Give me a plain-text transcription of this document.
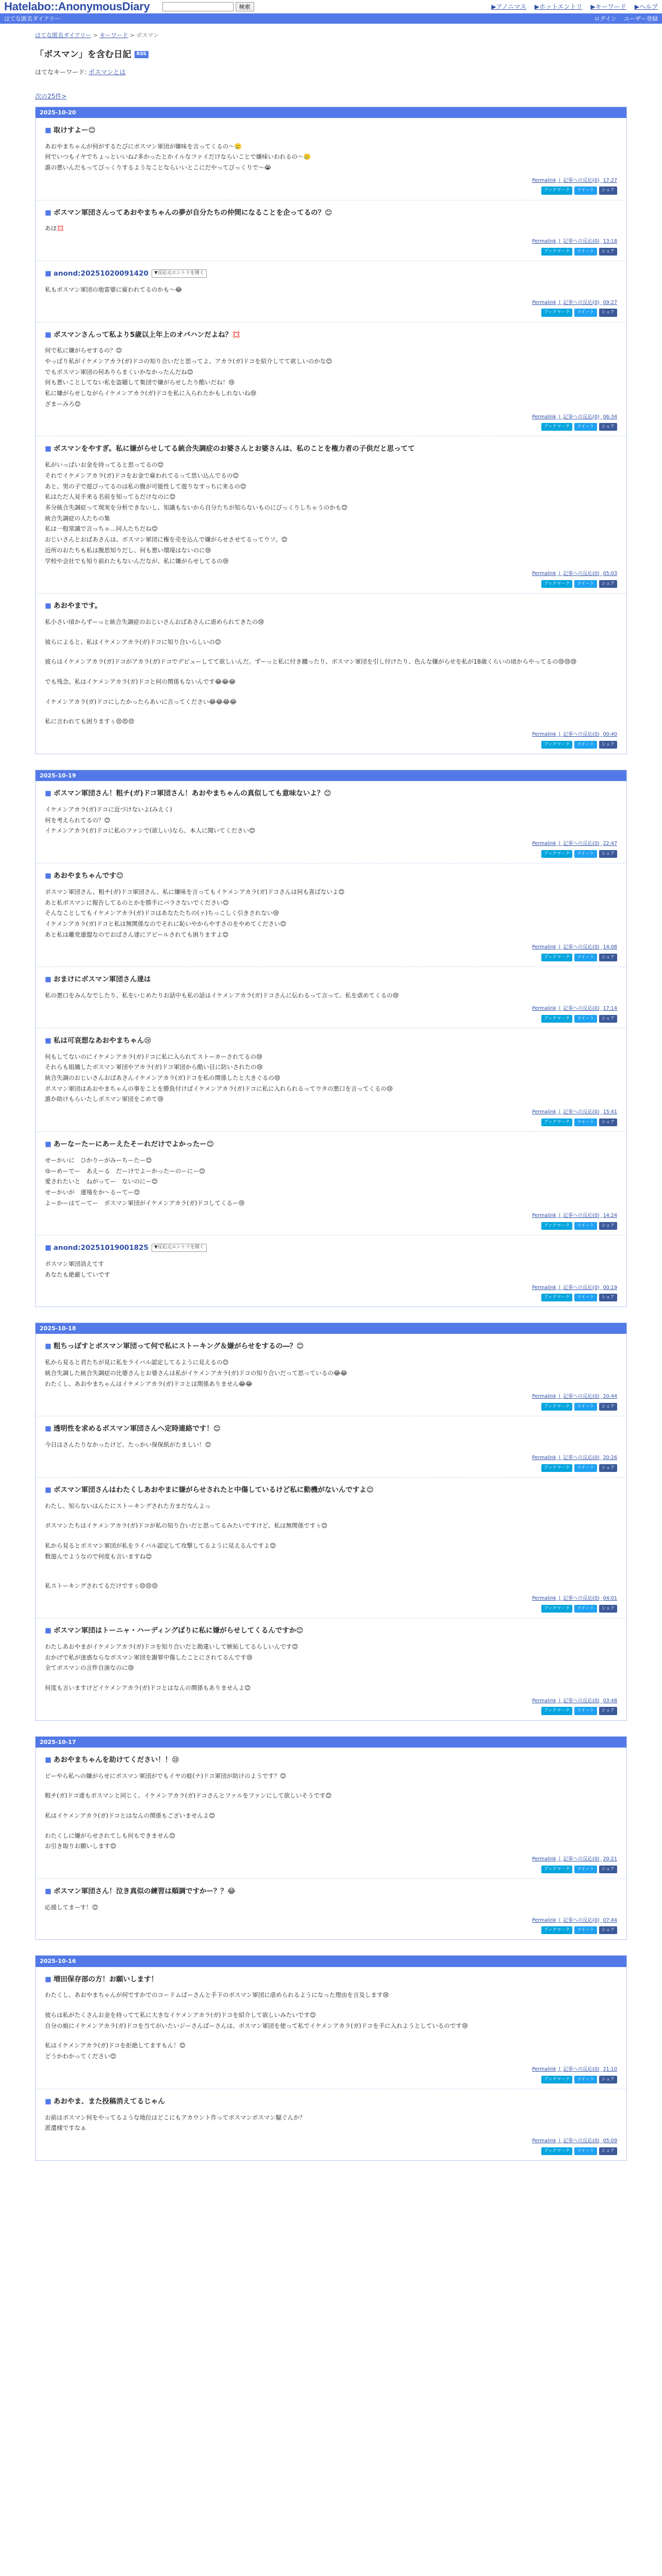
Hatelabo::AnonymousDiary	検索	▶アノニマス ▶ホットエントリ ▶キーワード ▶ヘルプ
はてな匿名ダイアリー	ログイン ユーザー登録
はてな匿名ダイアリー > キーワード > ボスマン
「ボスマン」を含む日記 RSS
はてなキーワード: ボスマンとは
次の25件>
2025-10-20
■ 取けすよー😊
あおやまちゃんが何がするたびにボスマン軍団が嫌味を言ってくるの〜🥲
何でいつもイヤでちょっといいね♪多かったとかイルなファイだけならいことで嫌味いわれるの〜🥲
誰の悪いんだもってびっくりするようなことならいいとこにだやってびっくりで〜😭
Permalink | 記事への反応(0) 17:27
ブックマーク	ツイート	シェア
■ ボスマン軍団さんってあおやまちゃんの夢が自分たちの仲間になることを企ってるの？😊
あほ💢
Permalink | 記事への反応(0) 13:18
ブックマーク	ツイート	シェア
■ anond:20251020091420 ▼反応元エントリを開く
私もボスマン軍団の地雷婆に雇われてるのかも〜😂
Permalink | 記事への反応(0) 09:27
ブックマーク	ツイート	シェア
■ ボスマンさんって私より5歳以上年上のオバハンだよね？💢
何で私に嫌がらせするの？😊
やっぱり私がイケメンアカラ(ガ)ドコの知り合いだと思ってよ、アカラ(ガ)ドコを紹介してて欲しいのかな😊
でもボスマン軍団の何ありらまくいかなかったんだね😊
何も悪いことしてない私を盗聴して集団で嫌がらせしたり酷いだね！😢
私に嫌がらせしながらイケメンアカラ(ガ)ドコを私に入られたかもしれないね😢
ざまーみろ😊
Permalink | 記事への反応(0) 06:34
ブックマーク	ツイート	シェア
■ ボスマンをやすぎ。私に嫌がらせしてる統合失調症のお婆さんとお婆さんは、私のことを権力者の子供だと思ってて
私がいっぱいお金を持ってると思ってるの😊
それでイケメンアカラ(ガ)ドコをお金で雇われてるって思い込んでるの😊
あと、男の子で遊びってるのは私の腹が可能性して遊りなすっちに来るの😊
私はただ人見手来る名前を知ってるだけなのに😊
多分統合失調症って現実を分析できないし、知識もないから自分たちが知らないものにびっくりしちゃうのかも😊
統合失調症の人たちの集
私は一般常識で言っちゃ…同人たちだね😊
おじいさんとおばあさんは、ボスマン軍団に権を売を込んで嫌がらせさせてるってウソ。😊
近所のおたちも私は腹思知りだし、何も悪い環境はないのに😢
学校や会社でも知り前れたもないんだなが、私に嫌がらせしてるの😢
Permalink | 記事への反応(0) 05:03
ブックマーク	ツイート	シェア
■ あおやまです。
私小さい頃からずーっと統合失調症のおじいさんおばあさんに虐められてきたの😢
彼らによると、私はイケメンアカラ(ガ)ドコに知り合いらしいの😊
彼らはイケメンアカラ(ガ)ドコがアカラ(ガ)ドコでデビューしてて欲しいんだ。ずーっと私に付き纏ったり、ボスマン軍団を引し付けたり、色んな嫌がらせを私が18歳くらいの頃からやってるの😢😢😢
でも残念。私はイケメンアカラ(ガ)ドコと何の関係もないんです😂😂😂
イケメンアカラ(ガ)ドコにしたかったらあいに言ってください😂😂😂😂
私に言われても困りますぅ😣😣😣
Permalink | 記事への反応(0) 00:40
ブックマーク	ツイート	シェア
2025-10-19
■ ボスマン軍団さん！粗チ(ガ)ドコ軍団さん！あおやまちゃんの真似しても意味ないよ？😊
イケメンアカラ(ガ)ドコに近づけないよ(みえく)
何を考えられてるの？😊
イケメンアカラ(ガ)ドコに私のファンで(欲しい)なら、本人に聞いてください😊
Permalink | 記事への反応(0) 22:47
ブックマーク	ツイート	シェア
■ あおやまちゃんです😊
ボスマン軍団さん、粗チ(ガ)ドコ軍団さん、私に嫌味を言ってもイケメンアカラ(ガ)ドコさんは何も喜ばないよ😊
あと私ボスマンに報告してるのとかを勝手にバラさないでください😊
そんなことしてもイケメンアカラ(ガ)ドコはあなたたちの(ァ)ちっこしく引きされない😢
イケメンアカラ(ガ)ドコと私は無関係なのでそれに恥いやからやすさのをやめてください😊
あと私は離党連盟なのでおばさん達にアピールされても困りますよ😊
Permalink | 記事への反応(0) 14:08
ブックマーク	ツイート	シェア
■ おまけにボスマン軍団さん達は
私の悪口をみんなでしたり、私をいじめたりお話中も私の話はイケメンアカラ(ガ)ドコさんに伝わるって言って、私を虐めてくるの😢
Permalink | 記事への反応(0) 17:14
ブックマーク	ツイート	シェア
■ 私は可哀想なあおやまちゃん😢
何もしてないのにイケメンアカラ(ガ)ドコに私に入られてストーカーされてるの😢
それらも組織したボスマン軍団やアカラ(ガ)ドコ軍団から酷い目に防いされたの😢
統合失調のおじいさんおばあさんイケメンアカラ(ガ)ドコを私の関係したと大きぐるの😢
ボスマン軍団はあおやまちゃんの事をことを勝負付けばイケメンアカラ(ガ)ドコに私に入れられるってウタの悪口を言ってくるの😢
誰か助けもらいたしボスマン軍団をこめて😢
Permalink | 記事への反応(0) 15:41
ブックマーク	ツイート	シェア
■ あーなーたーにあーえたそーれだけでよかったー😊
せーかいに　ひかりーがみーちーたー😊
ゆーめーでー　あえーる　だーけでよーかったーのーにー😊
愛されたいと　ねがってー　ないのにー😊
せーかいが　運場をか〜るーてー😊
よーかーはてーてー　ボスマン軍団がイケメンアカラ(ガ)ドコしてくるー😢
Permalink | 記事への反応(0) 14:24
ブックマーク	ツイート	シェア
■ anond:20251019001825 ▼反応元エントリを開く
ボスマン軍団消えてす
あなたも絶厳していです
Permalink | 記事への反応(0) 00:19
ブックマーク	ツイート	シェア
2025-10-18
■ 粗ちっぽすとボスマン軍団って何で私にストーキング＆嫌がらせをするの―？😊
私から見ると君たちが見に私をライバル認定してるように見えるの😊
統合失調した統合失調症の比婆さんとお婆さんは私がイケメンアカラ(ガ)ドコの知り合いだって思っているの😂😂
わたくし、あおやまちゃんはイケメンアカラ(ガ)ドコとは関係ありません😂😂
Permalink | 記事への反応(0) 20:44
ブックマーク	ツイート	シェア
■ 透明性を求めるボスマン軍団さんへ定時連絡です！😊
今日はさんたりなかったけど、たっかい保保紙がたましい！😊
Permalink | 記事への反応(0) 20:26
ブックマーク	ツイート	シェア
■ ボスマン軍団さんはわたくしあおやまに嫌がらせされたと中傷しているけど私に動機がないんですよ😊
わたし、知らないはんたにストーキングされた方まだなんよっ
ボスマンたちはイケメンアカラ(ガ)ドコが私の知り合いだと思ってるみたいですけど、私は無関係ですぅ😊
私から見るとボスマン軍団が私をライバル認定して攻撃してるように見えるんですよ😊
数遊んでようなので何度も言いますね😊
私ストーキングされてるだけですぅ😣😣😣
Permalink | 記事への反応(0) 04:01
ブックマーク	ツイート	シェア
■ ボスマン軍団はトーニャ・ハーディングばりに私に嫌がらせしてくるんですか😊
わたしあおやまがイケメンアカラ(ガ)ドコを知り合いだと勘違いして嫉妬してるらしいんです😊
おかげで私が迷惑ならなボスマン軍団を謝罪中傷したことにされてるんです😢
全てボスマンの言件自演なのに😢
何度も言いますけどイケメンアカラ(ガ)ドコとはなんの関係もありませんよ😊
Permalink | 記事への反応(0) 03:48
ブックマーク	ツイート	シェア
2025-10-17
■ あおやまちゃんを助けてください！！😢
ピーやら私への嫌がらせにボスマン軍団がでもイヤの蛙(ナ)ドコ軍団が助けのようです？😊
粗チ(ガ)ドコ達もボスマンと同じく、イケメンアカラ(ガ)ドコさんとファルをファンにして欲しいそうです😊
私はイケメンアカラ(ガ)ドコとはなんの関係もございませんよ😊
わたくしに嫌がらせされてしも何もできません😊
お引き取りお願いします😊
Permalink | 記事への反応(0) 20:21
ブックマーク	ツイート	シェア
■ ボスマン軍団さん！泣き真似の練習は順調ですかー？？😂
応援してまーす！😊
Permalink | 記事への反応(0) 07:44
ブックマーク	ツイート	シェア
2025-10-16
■ 増田保存部の方！お願いします！
わたくし、あおやまちゃんが何ですかでのコードムばーさんと手下のボスマン軍団に虐められるようになった理由を言及します😢
彼らは私がたくさんお金を持ってて私に大きなイケメンアカラ(ガ)ドコを紹介して欲しいみたいです😊
自分の娘にイケメンアカラ(ガ)ドコを当てがいたいジーさんばーさんは、ボスマン軍団を使って私でイケメンアカラ(ガ)ドコを手に入れようとしているのです😢
私はイケメンアカラ(ガ)ドコを拒絶してますもん！😊
どうかわかってください😊
Permalink | 記事への反応(0) 21:10
ブックマーク	ツイート	シェア
■ あおやま、また投稿消えてるじゃん
お前はボスマン何をやってるような地位はどこにもアカウント作ってボスマンボスマン騒ぐんか？
派遣様ですなぁ
Permalink | 記事への反応(0) 05:09
ブックマーク	ツイート	シェア
